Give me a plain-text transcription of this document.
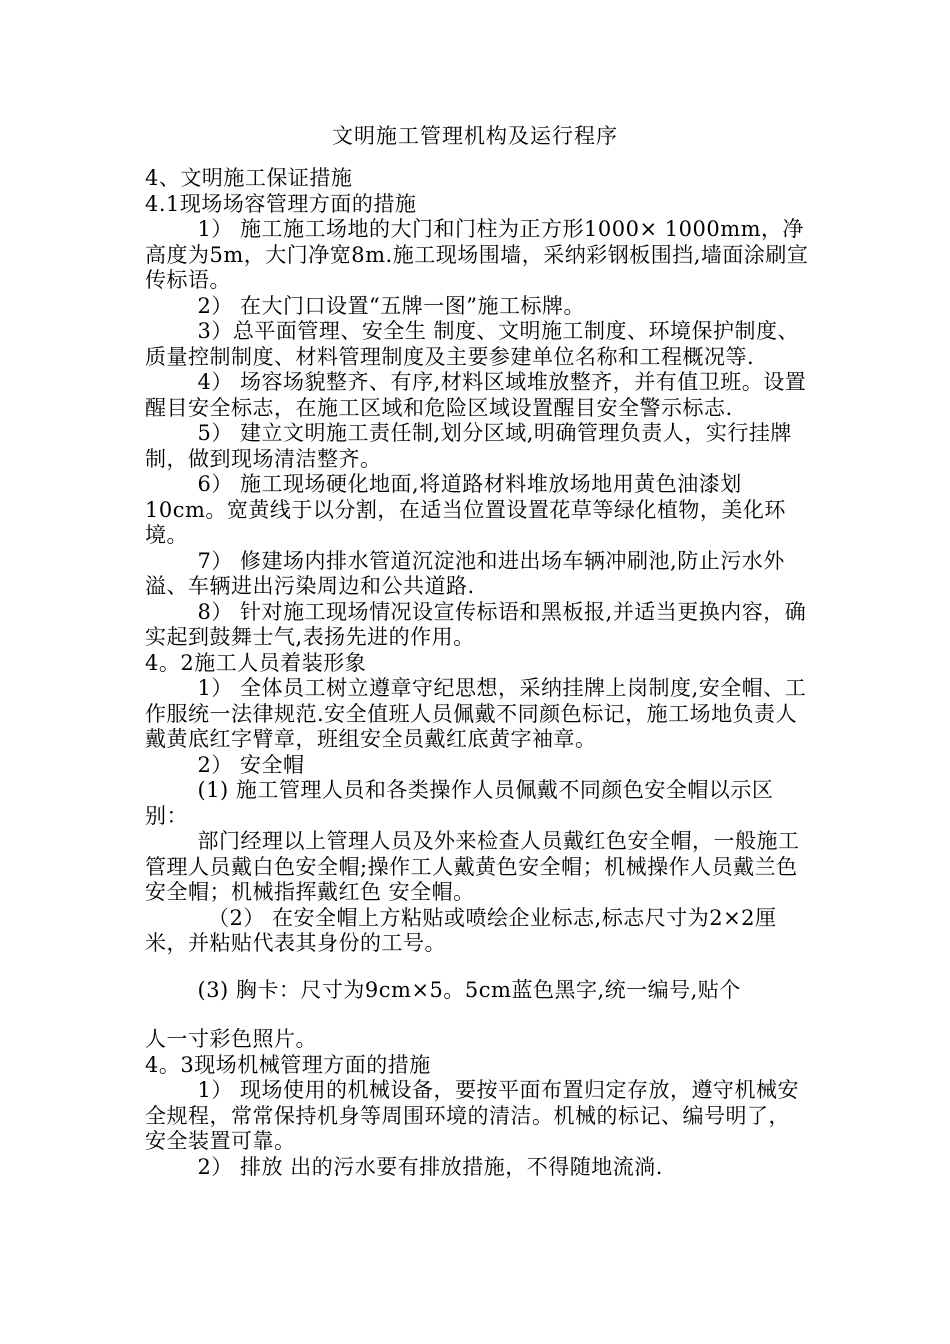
文明施工管理机构及运行程序

4、文明施工保证措施

4.1现场场容管理方面的措施

1） 施工施工场地的大门和门柱为正方形1000× 1000mm，净高度为5m，大门净宽8m.施工现场围墙，采纳彩钢板围挡,墙面涂刷宣传标语。

2） 在大门口设置“五牌一图”施工标牌。

3）总平面管理、安全生 制度、文明施工制度、环境保护制度、质量控制制度、材料管理制度及主要参建单位名称和工程概况等.

4） 场容场貌整齐、有序,材料区域堆放整齐，并有值卫班。设置醒目安全标志，在施工区域和危险区域设置醒目安全警示标志.

5） 建立文明施工责任制,划分区域,明确管理负责人，实行挂牌制，做到现场清洁整齐。

6） 施工现场硬化地面,将道路材料堆放场地用黄色油漆划10cm。宽黄线于以分割，在适当位置设置花草等绿化植物，美化环境。

7） 修建场内排水管道沉淀池和进出场车辆冲刷池,防止污水外溢、车辆进出污染周边和公共道路.

8） 针对施工现场情况设宣传标语和黑板报,并适当更换内容，确实起到鼓舞士气,表扬先进的作用。

4。2施工人员着装形象

1） 全体员工树立遵章守纪思想，采纳挂牌上岗制度,安全帽、工作服统一法律规范.安全值班人员佩戴不同颜色标记，施工场地负责人戴黄底红字臂章，班组安全员戴红底黄字袖章。

2） 安全帽

(1) 施工管理人员和各类操作人员佩戴不同颜色安全帽以示区别：

部门经理以上管理人员及外来检查人员戴红色安全帽，一般施工管理人员戴白色安全帽;操作工人戴黄色安全帽；机械操作人员戴兰色安全帽；机械指挥戴红色 安全帽。

（2） 在安全帽上方粘贴或喷绘企业标志,标志尺寸为2×2厘米，并粘贴代表其身份的工号。

(3) 胸卡：尺寸为9cm×5。5cm蓝色黑字,统一编号,贴个

人一寸彩色照片。

4。3现场机械管理方面的措施

1） 现场使用的机械设备，要按平面布置归定存放，遵守机械安全规程，常常保持机身等周围环境的清洁。机械的标记、编号明了，安全装置可靠。

2） 排放 出的污水要有排放措施，不得随地流淌.
